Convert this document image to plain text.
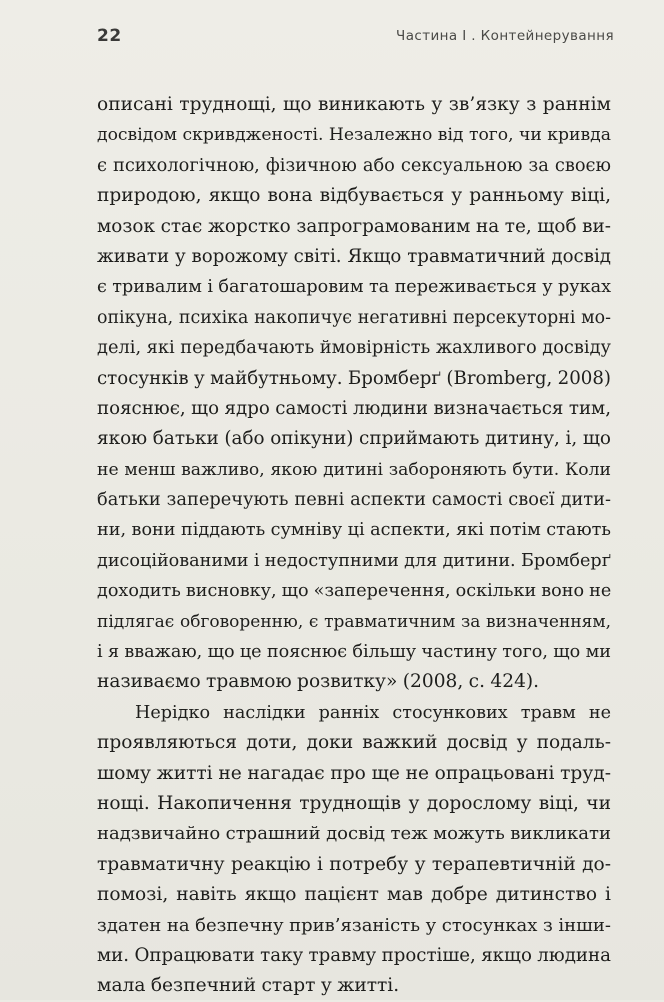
22	Частина І . Контейнерування
описані труднощі, що виникають у зв’язку з раннім
досвідом скривдженості. Незалежно від того, чи кривда
є психологічною, фізичною або сексуальною за своєю
природою, якщо вона відбувається у ранньому віці,
мозок стає жорстко запрограмованим на те, щоб ви-
живати у ворожому світі. Якщо травматичний досвід
є тривалим і багатошаровим та переживається у руках
опікуна, психіка накопичує негативні персекуторні мо-
делі, які передбачають ймовірність жахливого досвіду
стосунків у майбутньому. Бромберґ (Bromberg, 2008)
пояснює, що ядро самості людини визначається тим,
якою батьки (або опікуни) сприймають дитину, і, що
не менш важливо, якою дитині забороняють бути. Коли
батьки заперечують певні аспекти самості своєї дити-
ни, вони піддають сумніву ці аспекти, які потім стають
дисоційованими і недоступними для дитини. Бромберґ
доходить висновку, що «заперечення, оскільки воно не
підлягає обговоренню, є травматичним за визначенням,
і я вважаю, що це пояснює більшу частину того, що ми
називаємо травмою розвитку» (2008, с. 424).
Нерідко наслідки ранніх стосункових травм не
проявляються доти, доки важкий досвід у подаль-
шому житті не нагадає про ще не опрацьовані труд-
нощі. Накопичення труднощів у дорослому віці, чи
надзвичайно страшний досвід теж можуть викликати
травматичну реакцію і потребу у терапевтичній до-
помозі, навіть якщо пацієнт мав добре дитинство і
здатен на безпечну прив’язаність у стосунках з інши-
ми. Опрацювати таку травму простіше, якщо людина
мала безпечний старт у житті.
